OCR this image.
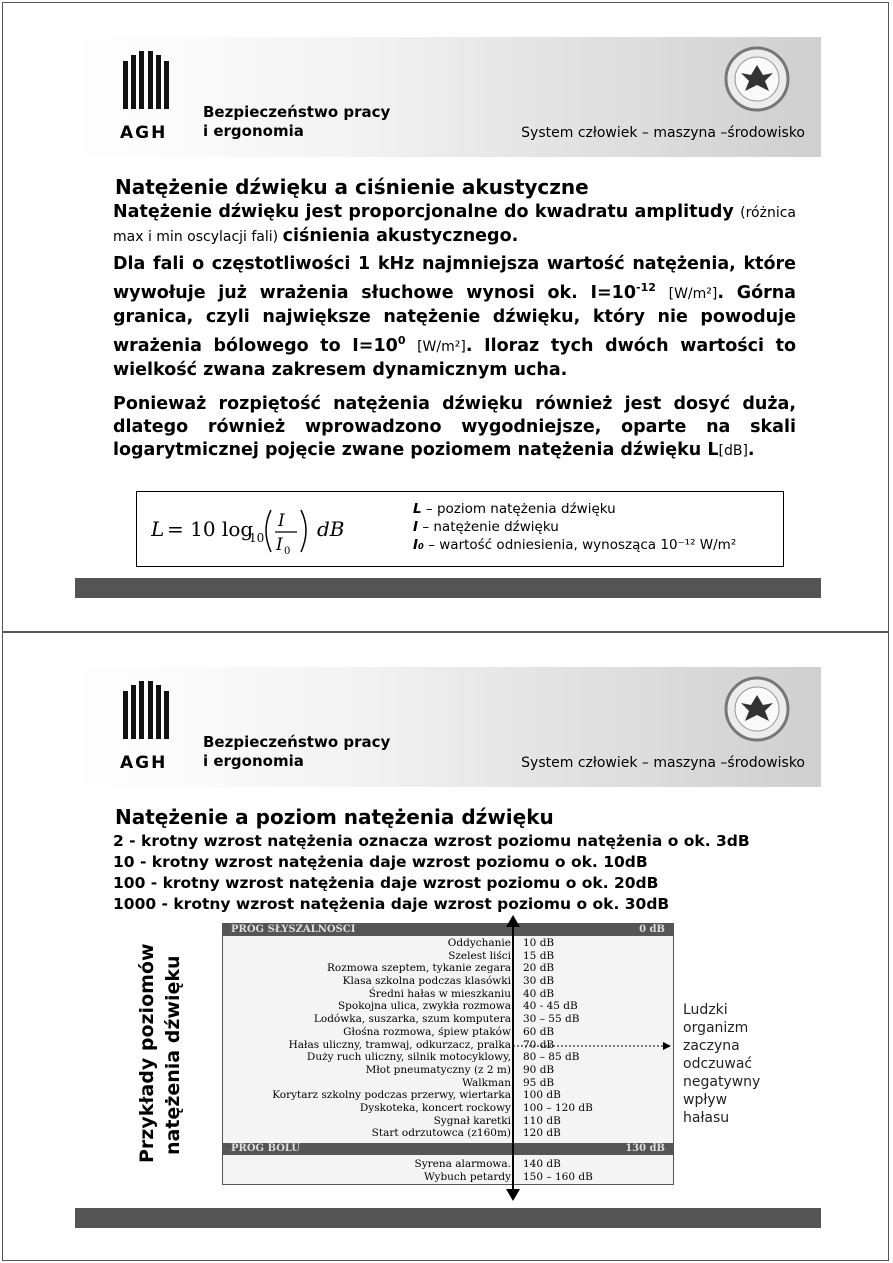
AGH
Bezpieczeństwo pracy
i ergonomia	System człowiek – maszyna –środowisko
Natężenie dźwięku a ciśnienie akustyczne
Natężenie dźwięku jest proporcjonalne do kwadratu amplitudy (różnica max i min oscylacji fali) ciśnienia akustycznego.
Dla fali o częstotliwości 1 kHz najmniejsza wartość natężenia, które wywołuje już wrażenia słuchowe wynosi ok. $I=10^{-12}$ [W/m²]. Górna granica, czyli największe natężenie dźwięku, który nie powoduje wrażenia bólowego to $I=10^0$ [W/m²]. Iloraz tych dwóch wartości to wielkość zwana zakresem dynamicznym ucha.
Ponieważ rozpiętość natężenia dźwięku również jest dosyć duża, dlatego również wprowadzono wygodniejsze, oparte na skali logarytmicznej pojęcie zwane poziomem natężenia dźwięku L[dB].
L = 10 log
10
I
I 0
dB
L – poziom natężenia dźwięku
I – natężenie dźwięku
I₀ – wartość odniesienia, wynosząca 10⁻¹² W/m²
AGH
Bezpieczeństwo pracy
i ergonomia	System człowiek – maszyna –środowisko
Natężenie a poziom natężenia dźwięku
2 - krotny wzrost natężenia oznacza wzrost poziomu natężenia o ok. 3dB
10 - krotny wzrost natężenia daje wzrost poziomu o ok. 10dB
100 - krotny wzrost natężenia daje wzrost poziomu o ok. 20dB
1000 - krotny wzrost natężenia daje wzrost poziomu o ok. 30dB
Przykłady poziomów natężenia dźwięku
PRÓG SŁYSZALNOŚCI	0 dB
Oddychanie 10 dB
Szelest liści 15 dB
Rozmowa szeptem, tykanie zegara 20 dB
Klasa szkolna podczas klasówki 30 dB
Średni hałas w mieszkaniu 40 dB
Spokojna ulica, zwykła rozmowa 40 - 45 dB
Lodówka, suszarka, szum komputera 30 – 55 dB
Głośna rozmowa, śpiew ptaków 60 dB
Hałas uliczny, tramwaj, odkurzacz, pralka 70 dB
Duży ruch uliczny, silnik motocyklowy, 80 – 85 dB
Młot pneumatyczny (z 2 m) 90 dB
Walkman 95 dB
Korytarz szkolny podczas przerwy, wiertarka 100 dB
Dyskoteka, koncert rockowy 100 – 120 dB
Sygnał karetki 110 dB
Start odrzutowca (z160m) 120 dB
PRÓG BÓLU	130 dB
Syrena alarmowa. 140 dB
Wybuch petardy 150 – 160 dB
Ludzki
organizm
zaczyna
odczuwać
negatywny
wpływ
hałasu
